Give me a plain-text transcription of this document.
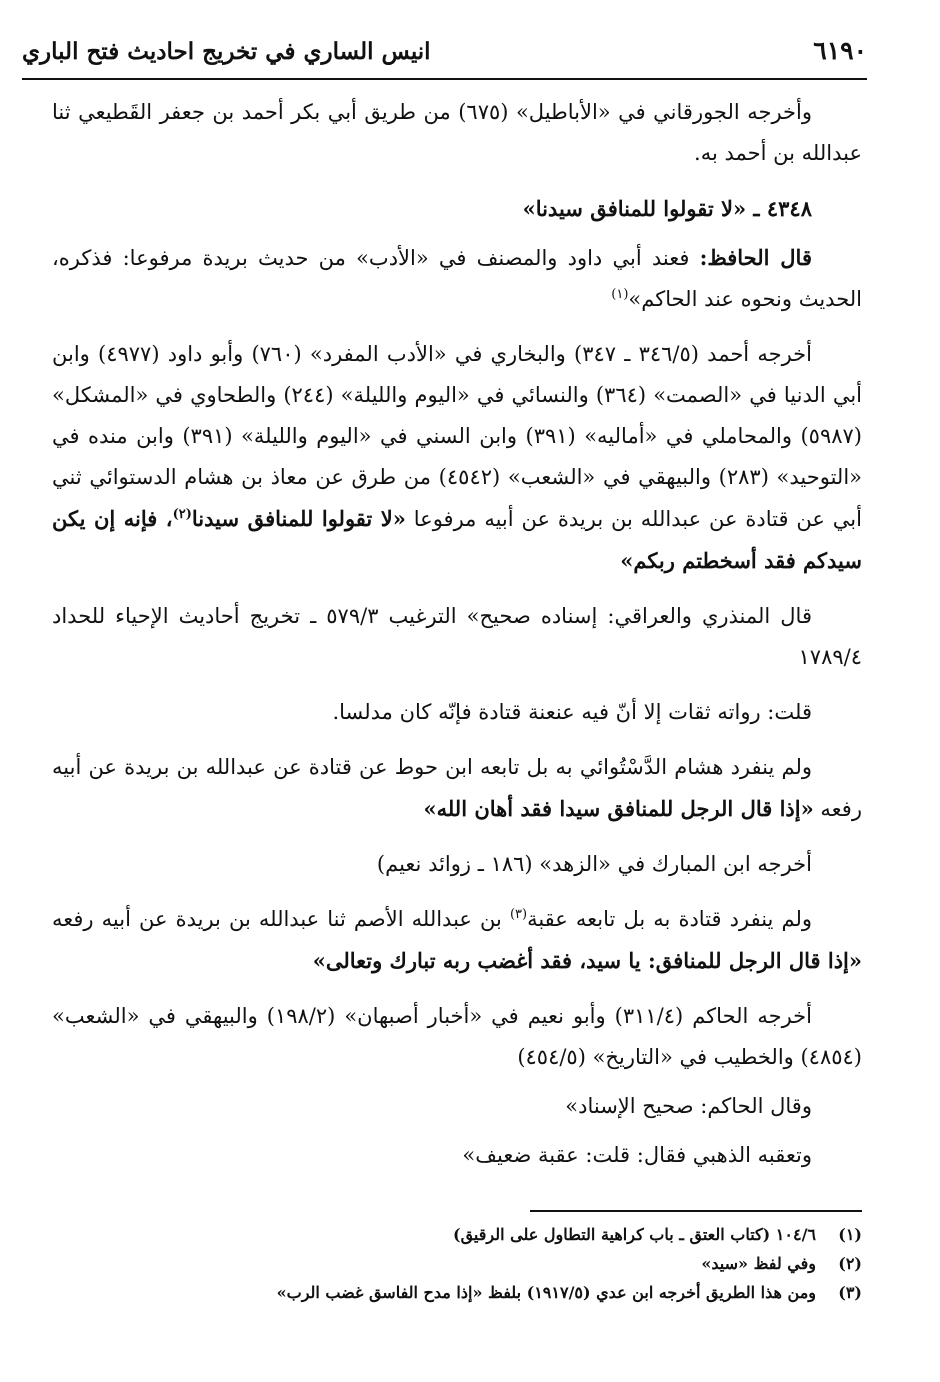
٦١٩٠
انيس الساري في تخريج احاديث فتح الباري

وأخرجه الجورقاني في «الأباطيل» (٦٧٥) من طريق أبي بكر أحمد بن جعفر القَطيعي ثنا عبدالله بن أحمد به.

٤٣٤٨ ـ «لا تقولوا للمنافق سيدنا»

قال الحافظ: فعند أبي داود والمصنف في «الأدب» من حديث بريدة مرفوعا: فذكره، الحديث ونحوه عند الحاكم»$^{(١)}$

أخرجه أحمد (٣٤٦/٥ ـ ٣٤٧) والبخاري في «الأدب المفرد» (٧٦٠) وأبو داود (٤٩٧٧) وابن أبي الدنيا في «الصمت» (٣٦٤) والنسائي في «اليوم والليلة» (٢٤٤) والطحاوي في «المشكل» (٥٩٨٧) والمحاملي في «أماليه» (٣٩١) وابن السني في «اليوم والليلة» (٣٩١) وابن منده في «التوحيد» (٢٨٣) والبيهقي في «الشعب» (٤٥٤٢) من طرق عن معاذ بن هشام الدستوائي ثني أبي عن قتادة عن عبدالله بن بريدة عن أبيه مرفوعا «لا تقولوا للمنافق سيدنا$^{(٢)}$، فإنه إن يكن سيدكم فقد أسخطتم ربكم»

قال المنذري والعراقي: إسناده صحيح» الترغيب ٥٧٩/٣ ـ تخريج أحاديث الإحياء للحداد ١٧٨٩/٤

قلت: رواته ثقات إلا أنّ فيه عنعنة قتادة فإنّه كان مدلسا.

ولم ينفرد هشام الدَّسْتُوائي به بل تابعه ابن حوط عن قتادة عن عبدالله بن بريدة عن أبيه رفعه «إذا قال الرجل للمنافق سيدا فقد أهان الله»

أخرجه ابن المبارك في «الزهد» (١٨٦ ـ زوائد نعيم)

ولم ينفرد قتادة به بل تابعه عقبة$^{(٣)}$ بن عبدالله الأصم ثنا عبدالله بن بريدة عن أبيه رفعه «إذا قال الرجل للمنافق: يا سيد، فقد أغضب ربه تبارك وتعالى»

أخرجه الحاكم (٣١١/٤) وأبو نعيم في «أخبار أصبهان» (١٩٨/٢) والبيهقي في «الشعب» (٤٨٥٤) والخطيب في «التاريخ» (٤٥٤/٥)

وقال الحاكم: صحيح الإسناد»

وتعقبه الذهبي فقال: قلت: عقبة ضعيف»

(١)
١٠٤/٦ (كتاب العتق ـ باب كراهية التطاول على الرقيق)
(٢)
وفي لفظ «سيد»
(٣)
ومن هذا الطريق أخرجه ابن عدي (١٩١٧/٥) بلفظ «إذا مدح الفاسق غضب الرب»
